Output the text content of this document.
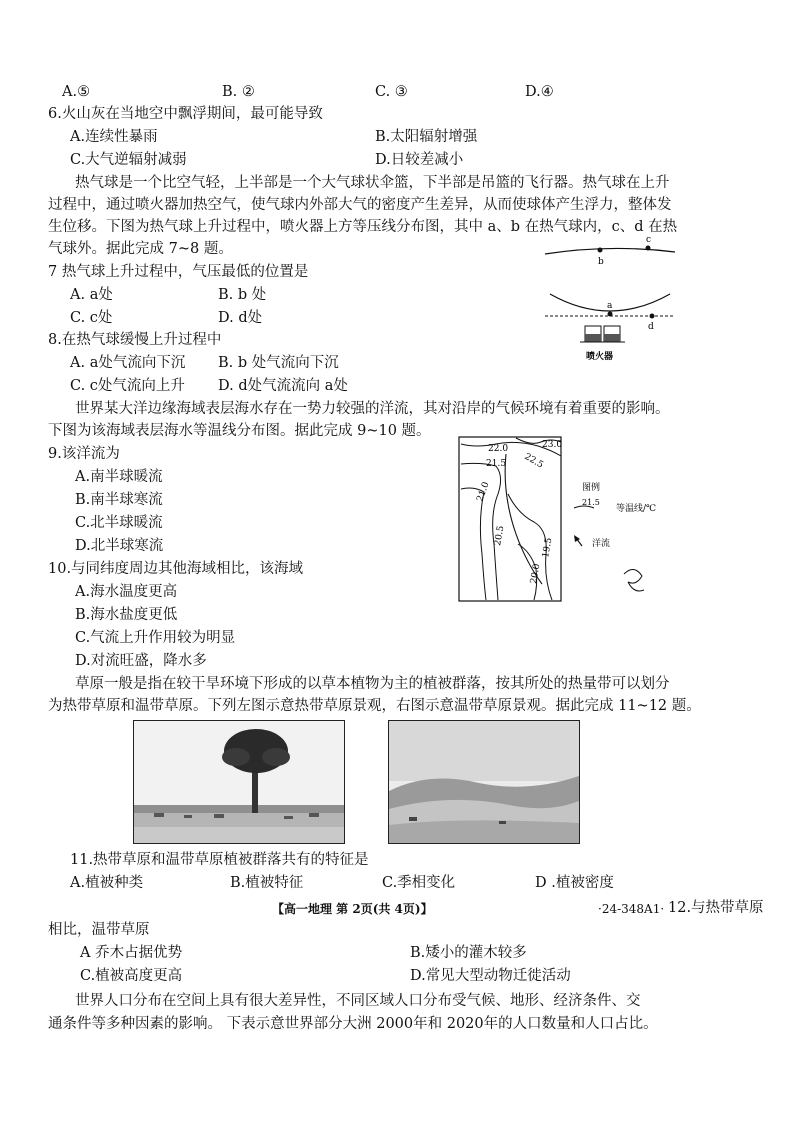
A.⑤	B. ②	C. ③	D.④
6.火山灰在当地空中飘浮期间，最可能导致
A.连续性暴雨	B.太阳辐射增强
C.大气逆辐射减弱	D.日较差减小
热气球是一个比空气轻，上半部是一个大气球状伞篮，下半部是吊篮的飞行器。热气球在上升
过程中，通过喷火器加热空气，使气球内外部大气的密度产生差异，从而使球体产生浮力，整体发
生位移。下图为热气球上升过程中，喷火器上方等压线分布图，其中 a、b 在热气球内，c、d 在热
气球外。据此完成 7~8 题。
c
b
a
d
喷火器
7 热气球上升过程中，气压最低的位置是
A. a处	B. b 处
C. c处	D. d处
8.在热气球缓慢上升过程中
A. a处气流向下沉 B. b 处气流向下沉
C. c处气流向上升 D. d处气流流向 a处
世界某大洋边缘海域表层海水存在一势力较强的洋流，其对沿岸的气候环境有着重要的影响。
下图为该海域表层海水等温线分布图。据此完成 9~10 题。
9.该洋流为
A.南半球暖流
B.南半球寒流
C.北半球暖流
D.北半球寒流
22.0	23.0
22.5
21.5
21.0
20.5
19.5
20.0
图例
21.5
等温线/℃
洋流
10.与同纬度周边其他海域相比，该海域
A.海水温度更高
B.海水盐度更低
C.气流上升作用较为明显
D.对流旺盛，降水多
草原一般是指在较干旱环境下形成的以草本植物为主的植被群落，按其所处的热量带可以划分
为热带草原和温带草原。下列左图示意热带草原景观，右图示意温带草原景观。据此完成 11~12 题。
11.热带草原和温带草原植被群落共有的特征是
A.植被种类	B.植被特征	C.季相变化	D .植被密度
【高一地理 第 2页(共 4页)】	·24-348A1· 12.与热带草原
相比，温带草原
A 乔木占据优势	B.矮小的灌木较多
C.植被高度更高	D.常见大型动物迁徙活动
世界人口分布在空间上具有很大差异性，不同区域人口分布受气候、地形、经济条件、交
通条件等多种因素的影响。 下表示意世界部分大洲 2000年和 2020年的人口数量和人口占比。
